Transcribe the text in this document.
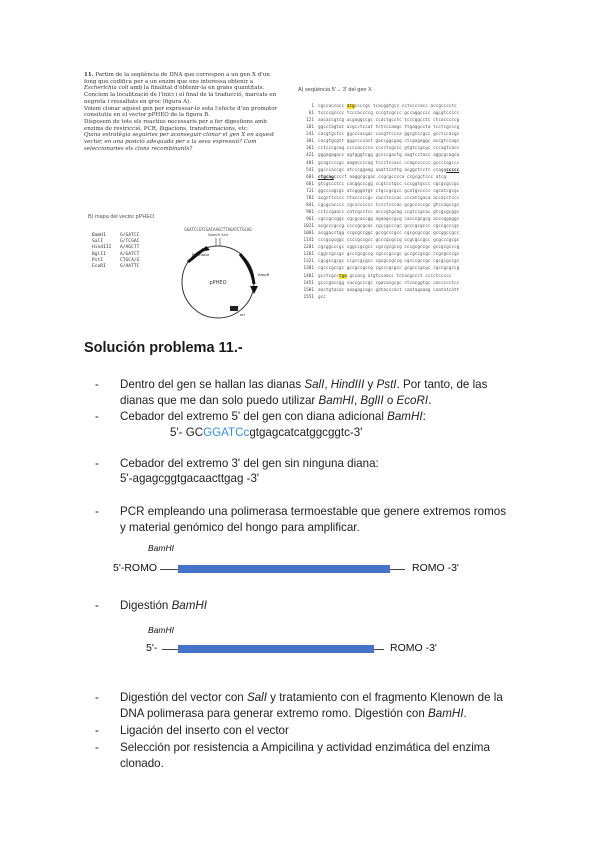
11. Partim de la seqüència de DNA que correspon a un gen X d'un fong que codifica per a un enzim que ens interessa obtenir a Escherichia coli amb la finalitat d'obtenir-la en grans quantitats. Conciem la localització de l'inici i el final de la traducció, marcats en negreta i ressaltats en groc (figura A).

Volem clonar aquest gen per expressar-lo sota l'efecte d'un promotor consitutiu en el vector pPHEO de la figura B.

Disposem de tots els reactius necessaris per a fer digestions amb enzims de restricció, PCR, lligacions, transformacions, etc.

Quina estratègia seguiries per aconseguir clonar el gen X en aquest vector, en una posició adequada per a la seva expressió? Com seleccionaries els clons recombinants?

B) mapa del vector pPHEO
BamHI	G/GATCC
SalI	G/TCGAC
HindIII	A/AGCTT
BglII	A/GATCT
PstI	CTGCA/G
EcoRI	G/AATTC
GGATCCGTCGACAAGCTTAGATCTGCAG
BamHI SalI
Promotor
AmpR
ori
pPHEO
A) seqüència 5'→ 3' del gen X
1 cgccaccacc atgccccgc tcacggtgcc cctccccacc accgcccctc
61 tccccgcccc tcccaccccg cccgtcgccc gccaggcccc agcgtccccc
121 aacaccgtcg acgaggccgc ccactgcctc tcccggcctc ctcacccccg
181 ggcccagtat acgcctccat tctcccaagc ttgaggccta tcctcgcccg
241 cacgtgctcc ggcccacgac cacgttccca ggcgtccgcc gcctccacgc
301 cacgtgcgtt gggccccact gaccggcgag ctcgagaggc accgtccagc
361 cctcccgcag ccccacccca cccctcgccc gtgtccgcgc cccagtcacc
421 gggagagacc agtgggtcgg gccccgactg aagtcctacc aggcgcagca
481 gcagccccgc aagaccccag tccctccacc ccagcccccc gccccagccc
541 ggcccaccgc atcccggaag aaattcattg acggctcctc ccaggccccc
601 ctgcagcccct aaggcgcgac ccgcgcccca ccgcgctccc atcg
661 gtcgccctcc cacggcccgg ccgtcctgcc cccggtgccc cgcgcgccgc
721 ggcccagcgc atcgggatgt ctgccgcgcc gcatgccccc cgcatcgcgc
781 acgcttcccc ttacccccgc cacctcccac cccatcgaca accacctccc
841 cgcgcacccc cgcccccccc tccctcccac gcgcccccgc gtccagccgc
901 cctccgaacc catcgcctcc acccgtgcag ccgtccgcac gtcgcgcggc
961 cgccgccggc cgcgcaccgg agaagccgcg cacccgcgcg acccggaggc
1021 acgcccgccg ccccgcgcac cgccgcccgc gcccgcgccc cgccgcccgc
1081 acggacctgg ccgcgccggc gccgcccgcc cgcgcgccgc gccggccgcc
1141 cccgcgcggc ccccgccgcc gcccgcgccg ccgcgccgcc gcgcccgcgc
1201 cgcggcccgc cggccgcgcc cgccgcgccg cccgcgccgc gccgcgcccg
1261 cggccgccgc gcccgcgccg cgcccgccgc gccgccgcgc ccgcgcccgc
1321 cgcgccgcgc ccgccgcgcc cgcgccgccg cgcccgccgc cgcgcgccgc
1381 cgcccgccgc gccgccgccg cgcccgcgcc gcgcccgcgc cgccgcgccg
1401 gcctcgcctga gccacg atgtccaacc tctacgccct cccctccccc
1451 gcccgaccgg caccgcccgc cgacacgcgc ctcacggtgc caccccctcc
1501 aactgtacac aaagagcagc gatacccact caatagaaag caatatcatt
1551 gcc
Solución problema 11.-
- Dentro del gen se hallan las dianas SalI, HindIII y PstI. Por tanto, de las
dianas que me dan solo puedo utilizar BamHI, BglII o EcoRI.
- Cebador del extremo 5' del gen con diana adicional BamHI:
5'- GCGGATCcgtgagcatcatggcggtc-3'
- Cebador del extremo 3' del gen sin ninguna diana:
5'-agagcggtgacaacttgag -3'
- PCR empleando una polimerasa termoestable que genere extremos romos
y material genómico del hongo para amplificar.
BamHI
5'-ROMO	ROMO -3'
- Digestión BamHI
BamHI
5'-	ROMO -3'
- Digestión del vector con SalI y tratamiento con el fragmento Klenown de la
DNA polimerasa para generar extremo romo. Digestión con BamHI.
- Ligación del inserto con el vector
- Selección por resistencia a Ampicilina y actividad enzimática del enzima
clonado.
